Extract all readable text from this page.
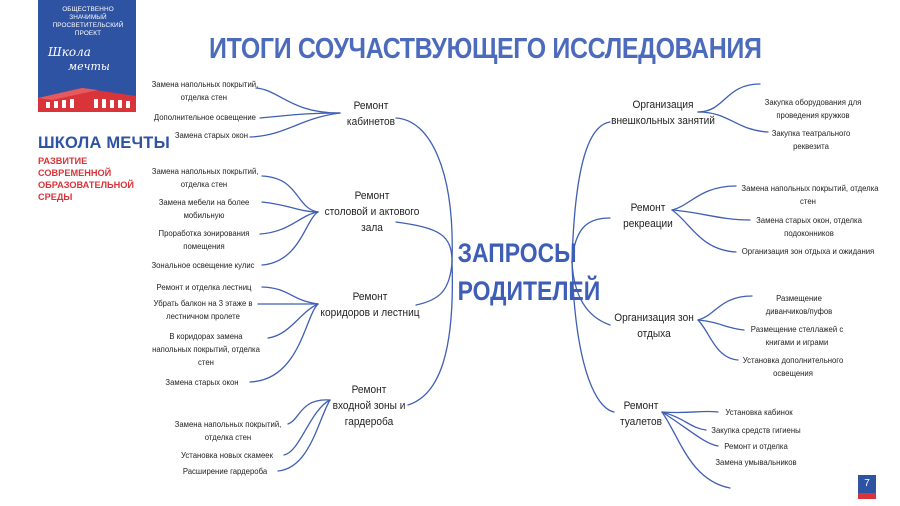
ОБЩЕСТВЕННО ЗНАЧИМЫЙ
ПРОСВЕТИТЕЛЬСКИЙ ПРОЕКТ
Школа
мечты
ШКОЛА МЕЧТЫ
РАЗВИТИЕ СОВРЕМЕННОЙ
ОБРАЗОВАТЕЛЬНОЙ СРЕДЫ
ИТОГИ СОУЧАСТВУЮЩЕГО ИССЛЕДОВАНИЯ
ЗАПРОСЫ
РОДИТЕЛЕЙ
Ремонт
кабинетов
Ремонт
столовой и актового
зала
Ремонт
коридоров и лестниц
Ремонт
входной зоны и
гардероба
Организация
внешкольных занятий
Ремонт
рекреации
Организация зон
отдыха
Ремонт
туалетов
Замена напольных покрытий,
отделка стен
Дополнительное освещение
Замена старых окон
Замена напольных покрытий,
отделка стен
Замена мебели на более
мобильную
Проработка зонирования
помещения
Зональное освещение кулис
Ремонт и отделка лестниц
Убрать балкон на 3 этаже в
лестничном пролете
В коридорах замена
напольных покрытий, отделка
стен
Замена старых окон
Замена напольных покрытий,
отделка стен
Установка новых скамеек
Расширение гардероба
Закупка оборудования для
проведения кружков
Закупка театрального
реквезита
Замена напольных покрытий, отделка
стен
Замена старых окон, отделка
подоконников
Организация зон отдыха и ожидания
Размещение
диванчиков/пуфов
Размещение стеллажей с
книгами и играми
Установка дополнительного
освещения
Установка кабинок
Закупка средств гигиены
Ремонт и отделка
Замена умывальников
7
